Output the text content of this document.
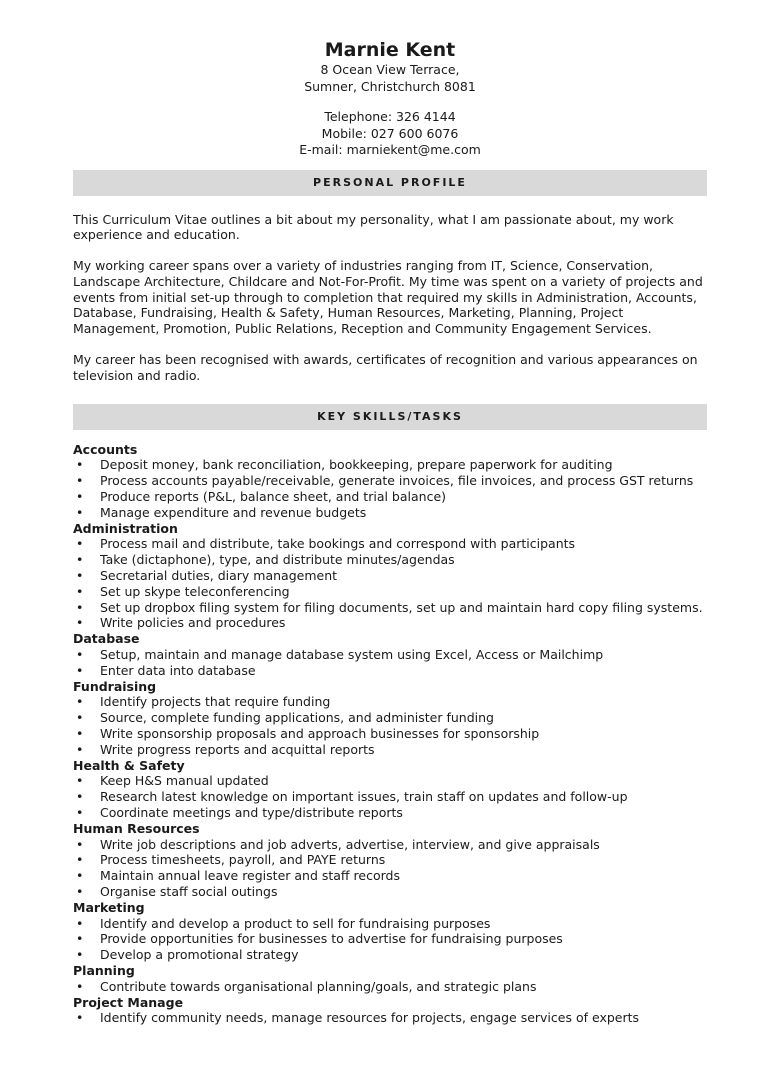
Marnie Kent
8 Ocean View Terrace,
Sumner, Christchurch 8081
Telephone: 326 4144
Mobile: 027 600 6076
E-mail: marniekent@me.com
PERSONAL PROFILE

This Curriculum Vitae outlines a bit about my personality, what I am passionate about, my work experience and education.

My working career spans over a variety of industries ranging from IT, Science, Conservation, Landscape Architecture, Childcare and Not-For-Profit. My time was spent on a variety of projects and events from initial set-up through to completion that required my skills in Administration, Accounts, Database, Fundraising, Health & Safety, Human Resources, Marketing, Planning, Project Management, Promotion, Public Relations, Reception and Community Engagement Services.

My career has been recognised with awards, certificates of recognition and various appearances on television and radio.

KEY SKILLS/TASKS
Accounts
• Deposit money, bank reconciliation, bookkeeping, prepare paperwork for auditing
• Process accounts payable/receivable, generate invoices, file invoices, and process GST returns
• Produce reports (P&L, balance sheet, and trial balance)
• Manage expenditure and revenue budgets
Administration
• Process mail and distribute, take bookings and correspond with participants
• Take (dictaphone), type, and distribute minutes/agendas
• Secretarial duties, diary management
• Set up skype teleconferencing
• Set up dropbox filing system for filing documents, set up and maintain hard copy filing systems.
• Write policies and procedures
Database
• Setup, maintain and manage database system using Excel, Access or Mailchimp
• Enter data into database
Fundraising
• Identify projects that require funding
• Source, complete funding applications, and administer funding
• Write sponsorship proposals and approach businesses for sponsorship
• Write progress reports and acquittal reports
Health & Safety
• Keep H&S manual updated
• Research latest knowledge on important issues, train staff on updates and follow-up
• Coordinate meetings and type/distribute reports
Human Resources
• Write job descriptions and job adverts, advertise, interview, and give appraisals
• Process timesheets, payroll, and PAYE returns
• Maintain annual leave register and staff records
• Organise staff social outings
Marketing
• Identify and develop a product to sell for fundraising purposes
• Provide opportunities for businesses to advertise for fundraising purposes
• Develop a promotional strategy
Planning
• Contribute towards organisational planning/goals, and strategic plans
Project Manage
• Identify community needs, manage resources for projects, engage services of experts
